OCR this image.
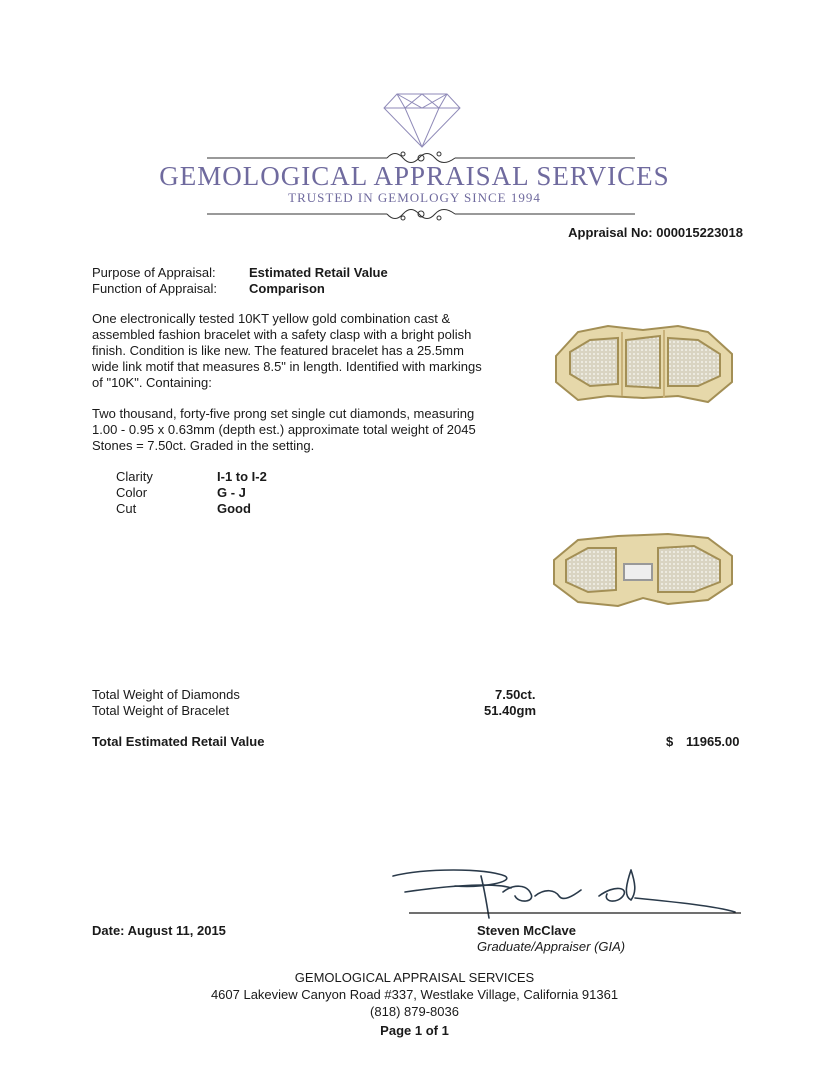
GEMOLOGICAL APPRAISAL SERVICES
TRUSTED IN GEMOLOGY SINCE 1994
Appraisal No: 000015223018
Purpose of Appraisal:	Estimated Retail Value
Function of Appraisal: Comparison
One electronically tested 10KT yellow gold combination cast &
assembled fashion bracelet with a safety clasp with a bright polish
finish. Condition is like new. The featured bracelet has a 25.5mm
wide link motif that measures 8.5" in length. Identified with markings
of "10K". Containing:
Two thousand, forty-five prong set single cut diamonds, measuring
1.00 - 0.95 x 0.63mm (depth est.) approximate total weight of 2045
Stones = 7.50ct. Graded in the setting.
Clarity	I-1 to I-2
Color	G - J
Cut	Good
Total Weight of Diamonds	7.50ct.
Total Weight of Bracelet	51.40gm
Total Estimated Retail Value	$ 11965.00
Date: August 11, 2015	Steven McClave
Graduate/Appraiser (GIA)
GEMOLOGICAL APPRAISAL SERVICES
4607 Lakeview Canyon Road #337, Westlake Village, California 91361
(818) 879-8036
Page 1 of 1
